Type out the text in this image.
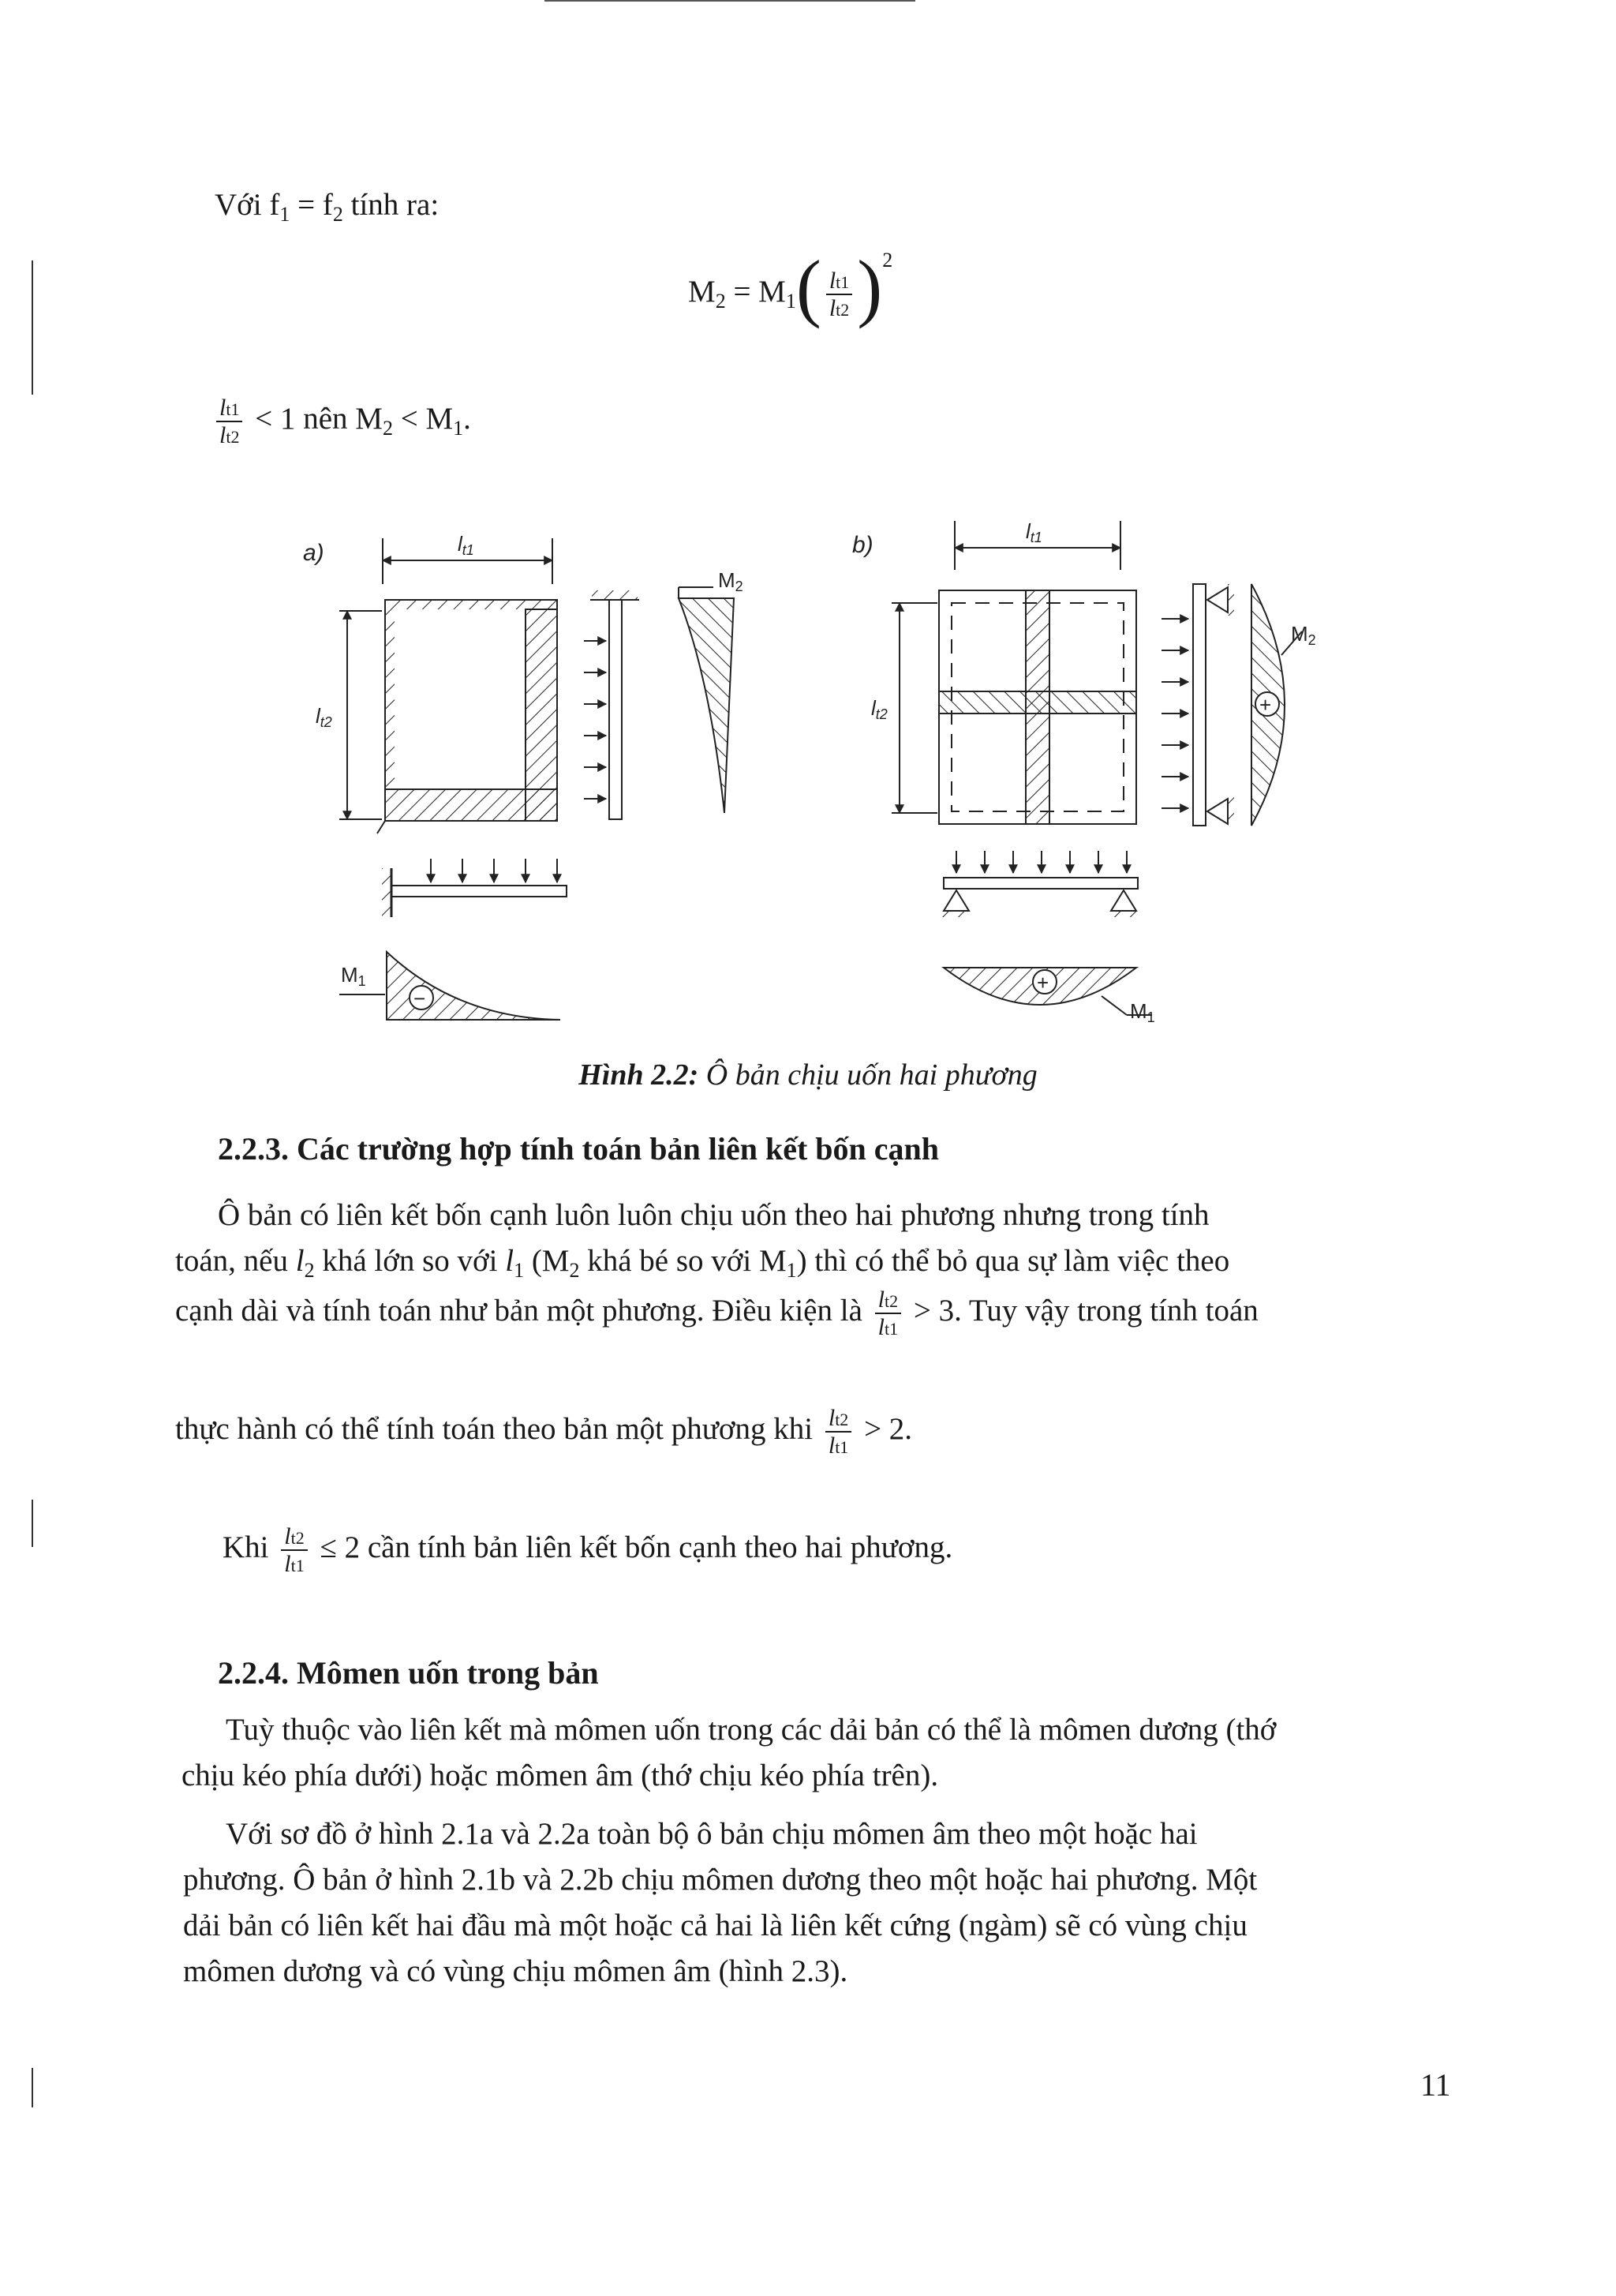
Với $f_1 = f_2$ tính ra:
$M_2 = M_1( \frac{lt1}{lt2} )^2$
$\frac{lt1}{lt2} < 1$ nên $M_2 < M_1$.
a)	lt1
lt2
M2
−
M1
b)
lt1
lt2	+
M2
+
M1
Hình 2.2: Ô bản chịu uốn hai phương
2.2.3. Các trường hợp tính toán bản liên kết bốn cạnh
Ô bản có liên kết bốn cạnh luôn luôn chịu uốn theo hai phương nhưng trong tính
toán, nếu $l_2$ khá lớn so với $l_1$ ($M_2$ khá bé so với $M_1$) thì có thể bỏ qua sự làm việc theo
cạnh dài và tính toán như bản một phương. Điều kiện là $\frac{lt2}{lt1} > 3$. Tuy vậy trong tính toán
thực hành có thể tính toán theo bản một phương khi $\frac{lt2}{lt1} > 2$.
Khi $\frac{lt2}{lt1} \le 2$ cần tính bản liên kết bốn cạnh theo hai phương.
2.2.4. Mômen uốn trong bản
Tuỳ thuộc vào liên kết mà mômen uốn trong các dải bản có thể là mômen dương (thớ
chịu kéo phía dưới) hoặc mômen âm (thớ chịu kéo phía trên).
Với sơ đồ ở hình 2.1a và 2.2a toàn bộ ô bản chịu mômen âm theo một hoặc hai
phương. Ô bản ở hình 2.1b và 2.2b chịu mômen dương theo một hoặc hai phương. Một
dải bản có liên kết hai đầu mà một hoặc cả hai là liên kết cứng (ngàm) sẽ có vùng chịu
mômen dương và có vùng chịu mômen âm (hình 2.3).
11
